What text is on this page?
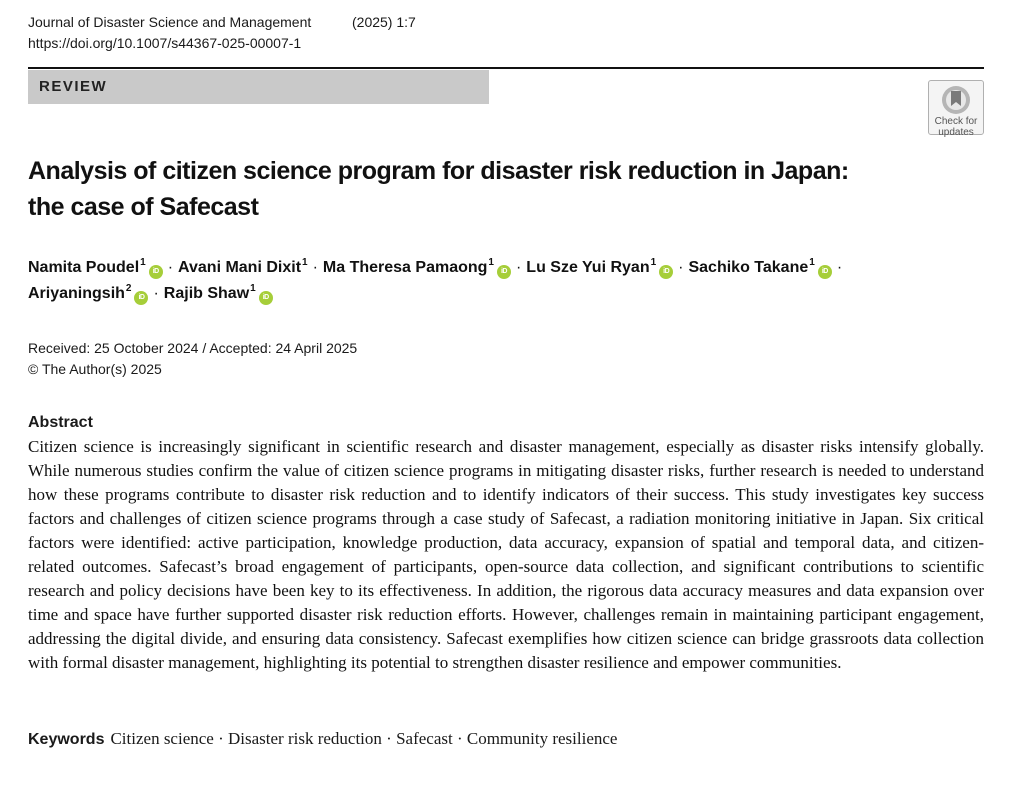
Journal of Disaster Science and Management
https://doi.org/10.1007/s44367-025-00007-1
(2025) 1:7
REVIEW
Check for
updates
Analysis of citizen science program for disaster risk reduction in Japan:
the case of Safecast
Namita Poudel$^1$iD · Avani Mani Dixit$^1$ · Ma Theresa Pamaong$^1$iD · Lu Sze Yui Ryan$^1$iD · Sachiko Takane$^1$iD ·
Ariyaningsih$^2$iD · Rajib Shaw$^1$iD
Received: 25 October 2024 / Accepted: 24 April 2025
© The Author(s) 2025
Abstract

Citizen science is increasingly significant in scientific research and disaster management, especially as disaster risks intensify globally. While numerous studies confirm the value of citizen science programs in mitigating disaster risks, further research is needed to understand how these programs contribute to disaster risk reduction and to identify indicators of their success. This study investigates key success factors and challenges of citizen science programs through a case study of Safecast, a radiation monitoring initiative in Japan. Six critical factors were identified: active participation, knowledge production, data accuracy, expansion of spatial and temporal data, and citizen-related outcomes. Safecast’s broad engagement of participants, open-source data collection, and significant contributions to scientific research and policy decisions have been key to its effectiveness. In addition, the rigorous data accuracy measures and data expansion over time and space have further supported disaster risk reduction efforts. However, challenges remain in maintaining participant engagement, addressing the digital divide, and ensuring data consistency. Safecast exemplifies how citizen science can bridge grassroots data collection with formal disaster management, highlighting its potential to strengthen disaster resilience and empower communities.

Keywords Citizen science · Disaster risk reduction · Safecast · Community resilience
